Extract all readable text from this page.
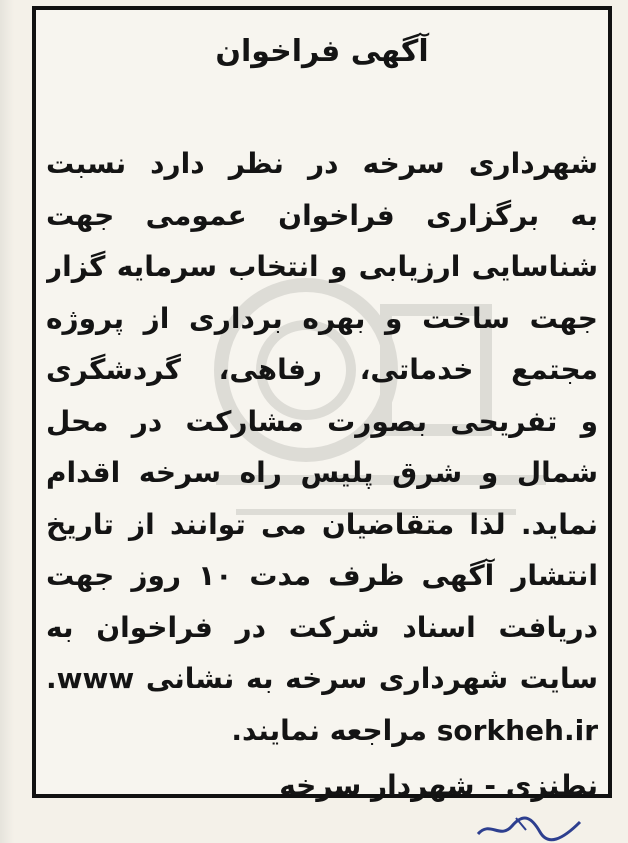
آگهی فراخوان
شهرداری سرخه در نظر دارد نسبت
به برگزاری فراخوان عمومی جهت
شناسایی ارزیابی و انتخاب سرمایه گزار
جهت ساخت و بهره برداری از پروژه
مجتمع خدماتی، رفاهی، گردشگری
و تفریحی بصورت مشارکت در محل
شمال و شرق پلیس راه سرخه اقدام
نماید. لذا متقاضیان می توانند از تاریخ
انتشار آگهی ظرف مدت ۱۰ روز جهت
دریافت اسناد شرکت در فراخوان به
سایت شهرداری سرخه به نشانی www.
sorkheh.ir مراجعه نمایند.
نطنزی - شهردار سرخه
